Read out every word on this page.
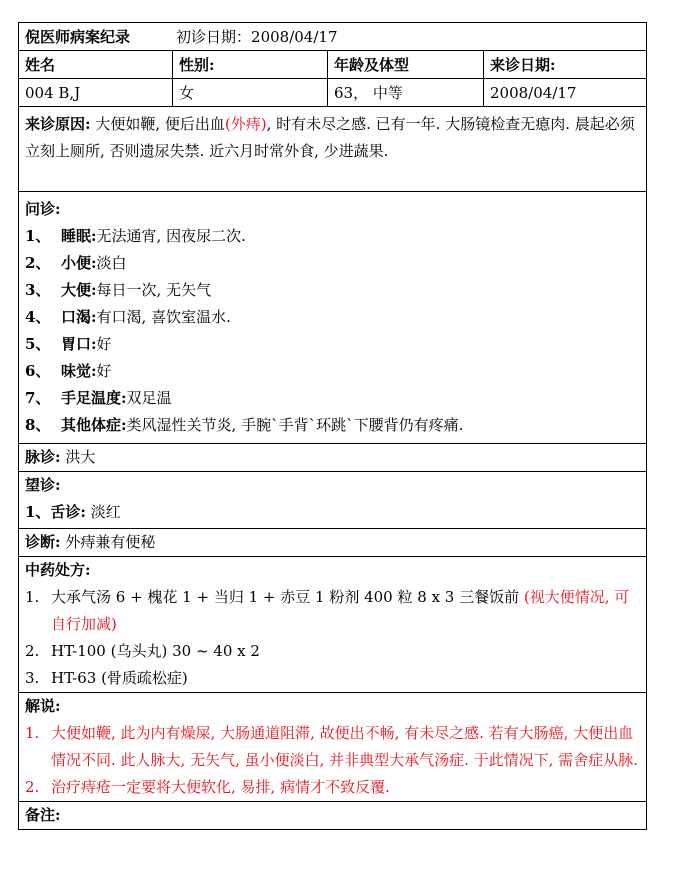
倪医师病案纪录	初诊日期： 2008/04/17
姓名	性别:	年龄及体型	来诊日期:
004 B,J	女	63， 中等	2008/04/17
来诊原因: 大便如鞭, 便后出血(外痔), 时有未尽之感. 已有一年. 大肠镜检查无瘜肉. 晨起必须立刻上厕所, 否则遗尿失禁. 近六月时常外食, 少进蔬果.
问诊:
1、 睡眠: 无法通宵, 因夜尿二次.
2、 小便: 淡白
3、 大便: 每日一次, 无矢气
4、 口渴: 有口渴, 喜饮室温水.
5、 胃口: 好
6、 味觉: 好
7、 手足温度: 双足温
8、 其他体症: 类风湿性关节炎, 手腕`手背`环跳`下腰背仍有疼痛.
脉诊: 洪大
望诊:
1、舌诊: 淡红
诊断: 外痔兼有便秘
中药处方:
1. 大承气汤 6 + 槐花 1 + 当归 1 + 赤豆 1 粉剂 400 粒 8 x 3 三餐饭前 (视大便情况, 可自行加减)
2. HT-100 (乌头丸) 30 ~ 40 x 2
3. HT-63 (骨质疏松症)
解说:
1. 大便如鞭, 此为内有燥屎, 大肠通道阻滞, 故便出不畅, 有未尽之感. 若有大肠癌, 大便出血情况不同. 此人脉大, 无矢气, 虽小便淡白, 并非典型大承气汤症. 于此情况下, 需舍症从脉.
2. 治疗痔疮一定要将大便软化, 易排, 病情才不致反覆.
备注:
